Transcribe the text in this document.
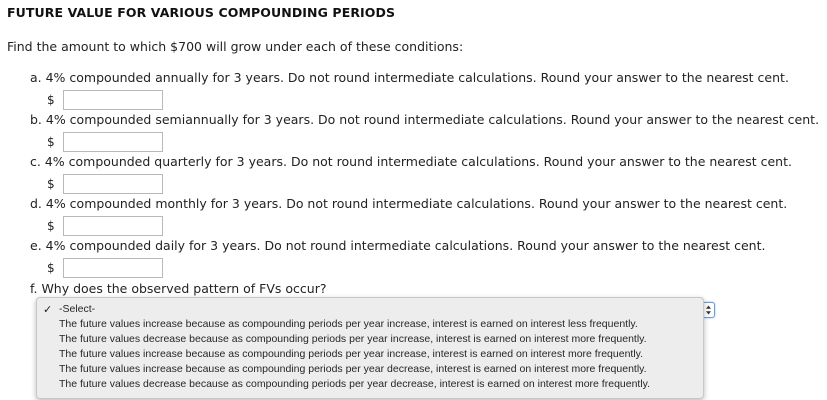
FUTURE VALUE FOR VARIOUS COMPOUNDING PERIODS
Find the amount to which $700 will grow under each of these conditions:
a. 4% compounded annually for 3 years. Do not round intermediate calculations. Round your answer to the nearest cent.
$
b. 4% compounded semiannually for 3 years. Do not round intermediate calculations. Round your answer to the nearest cent.
$
c. 4% compounded quarterly for 3 years. Do not round intermediate calculations. Round your answer to the nearest cent.
$
d. 4% compounded monthly for 3 years. Do not round intermediate calculations. Round your answer to the nearest cent.
$
e. 4% compounded daily for 3 years. Do not round intermediate calculations. Round your answer to the nearest cent.
$
f. Why does the observed pattern of FVs occur?
✓ -Select-
The future values increase because as compounding periods per year increase, interest is earned on interest less frequently.
The future values decrease because as compounding periods per year increase, interest is earned on interest more frequently.
The future values increase because as compounding periods per year increase, interest is earned on interest more frequently.
The future values increase because as compounding periods per year decrease, interest is earned on interest more frequently.
The future values decrease because as compounding periods per year decrease, interest is earned on interest more frequently.
